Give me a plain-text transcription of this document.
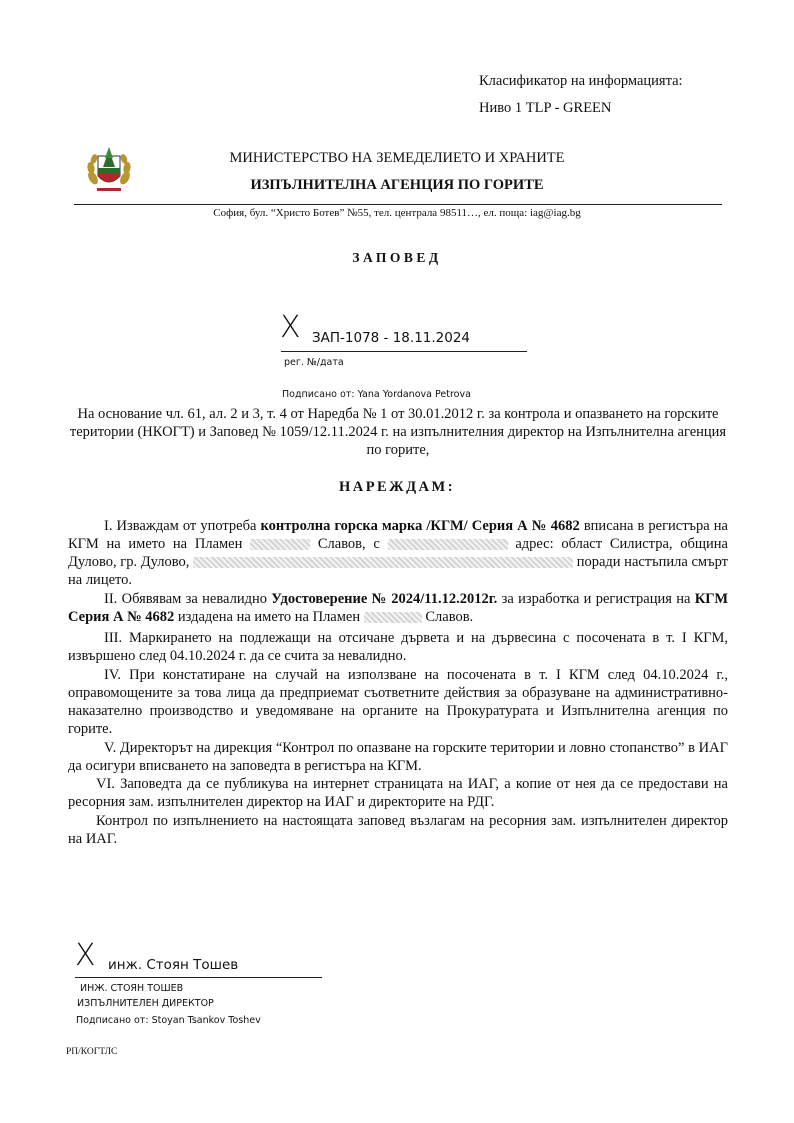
Класификатор на информацията:
Ниво 1 TLP - GREEN
МИНИСТЕРСТВО НА ЗЕМЕДЕЛИЕТО И ХРАНИТЕ
ИЗПЪЛНИТЕЛНА АГЕНЦИЯ ПО ГОРИТЕ
София, бул. “Христо Ботев” №55, тел. централа 98511…, ел. поща: iag@iag.bg
ЗАПОВЕД
X ЗАП-1078 - 18.11.2024
рег. №/дата
Подписано от: Yana Yordanova Petrova
На основание чл. 61, ал. 2 и 3, т. 4 от Наредба № 1 от 30.01.2012 г. за контрола и опазването на горските територии (НКОГТ) и Заповед № 1059/12.11.2024 г. на изпълнителния директор на Изпълнителна агенция по горите,
НАРЕЖДАМ:
I. Изваждам от употреба контролна горска марка /КГМ/ Серия А № 4682 вписана в регистъра на КГМ на името на Пламен	Славов, с	адрес: област Силистра, община Дулово, гр. Дулово,	поради настъпила смърт на лицето.
II. Обявявам за невалидно Удостоверение № 2024/11.12.2012г. за изработка и регистрация на КГМ Серия А № 4682 издадена на името на Пламен	Славов.
III. Маркирането на подлежащи на отсичане дървета и на дървесина с посочената в т. I КГМ, извършено след 04.10.2024 г. да се счита за невалидно.
IV. При констатиране на случай на използване на посочената в т. I КГМ след 04.10.2024 г., оправомощените за това лица да предприемат съответните действия за образуване на административно-наказателно производство и уведомяване на органите на Прокуратурата и Изпълнителна агенция по горите.
V. Директорът на дирекция “Контрол по опазване на горските територии и ловно стопанство” в ИАГ да осигури вписването на заповедта в регистъра на КГМ.
VI. Заповедта да се публикува на интернет страницата на ИАГ, а копие от нея да се предостави на ресорния зам. изпълнителен директор на ИАГ и директорите на РДГ.
Контрол по изпълнението на настоящата заповед възлагам на ресорния зам. изпълнителен директор на ИАГ.
X инж. Стоян Тошев
ИНЖ. СТОЯН ТОШЕВ
ИЗПЪЛНИТЕЛЕН ДИРЕКТОР
Подписано от: Stoyan Tsankov Toshev
РП/КОГТЛС
